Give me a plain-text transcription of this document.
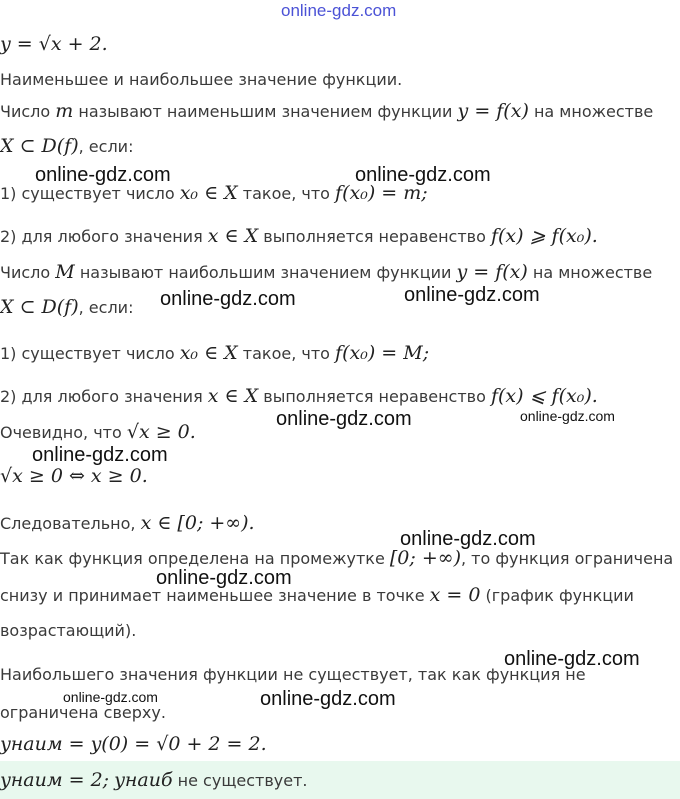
online-gdz.com
y = √x + 2.
Наименьшее и наибольшее значение функции.
Число m называют наименьшим значением функции y = f(x) на множестве
X ⊂ D(f), если:
online-gdz.com	online-gdz.com
1) существует число x₀ ∈ X такое, что f(x₀) = m;
2) для любого значения x ∈ X выполняется неравенство f(x) ⩾ f(x₀).
Число M называют наибольшим значением функции y = f(x) на множестве
X ⊂ D(f), если: online-gdz.com	online-gdz.com
1) существует число x₀ ∈ X такое, что f(x₀) = M;
2) для любого значения x ∈ X выполняется неравенство f(x) ⩽ f(x₀).
online-gdz.com
online-gdz.com
Очевидно, что √x ≥ 0.
online-gdz.com
√x ≥ 0 ⇔ x ≥ 0.
Следовательно, x ∈ [0; +∞).
online-gdz.com
Так как функция определена на промежутке [0; +∞), то функция ограничена
online-gdz.com
снизу и принимает наименьшее значение в точке x = 0 (график функции
возрастающий).
online-gdz.com
Наибольшего значения функции не существует, так как функция не
online-gdz.com	online-gdz.com
ограничена сверху.
yнаим = y(0) = √0 + 2 = 2.
yнаим = 2; yнаиб не существует.
